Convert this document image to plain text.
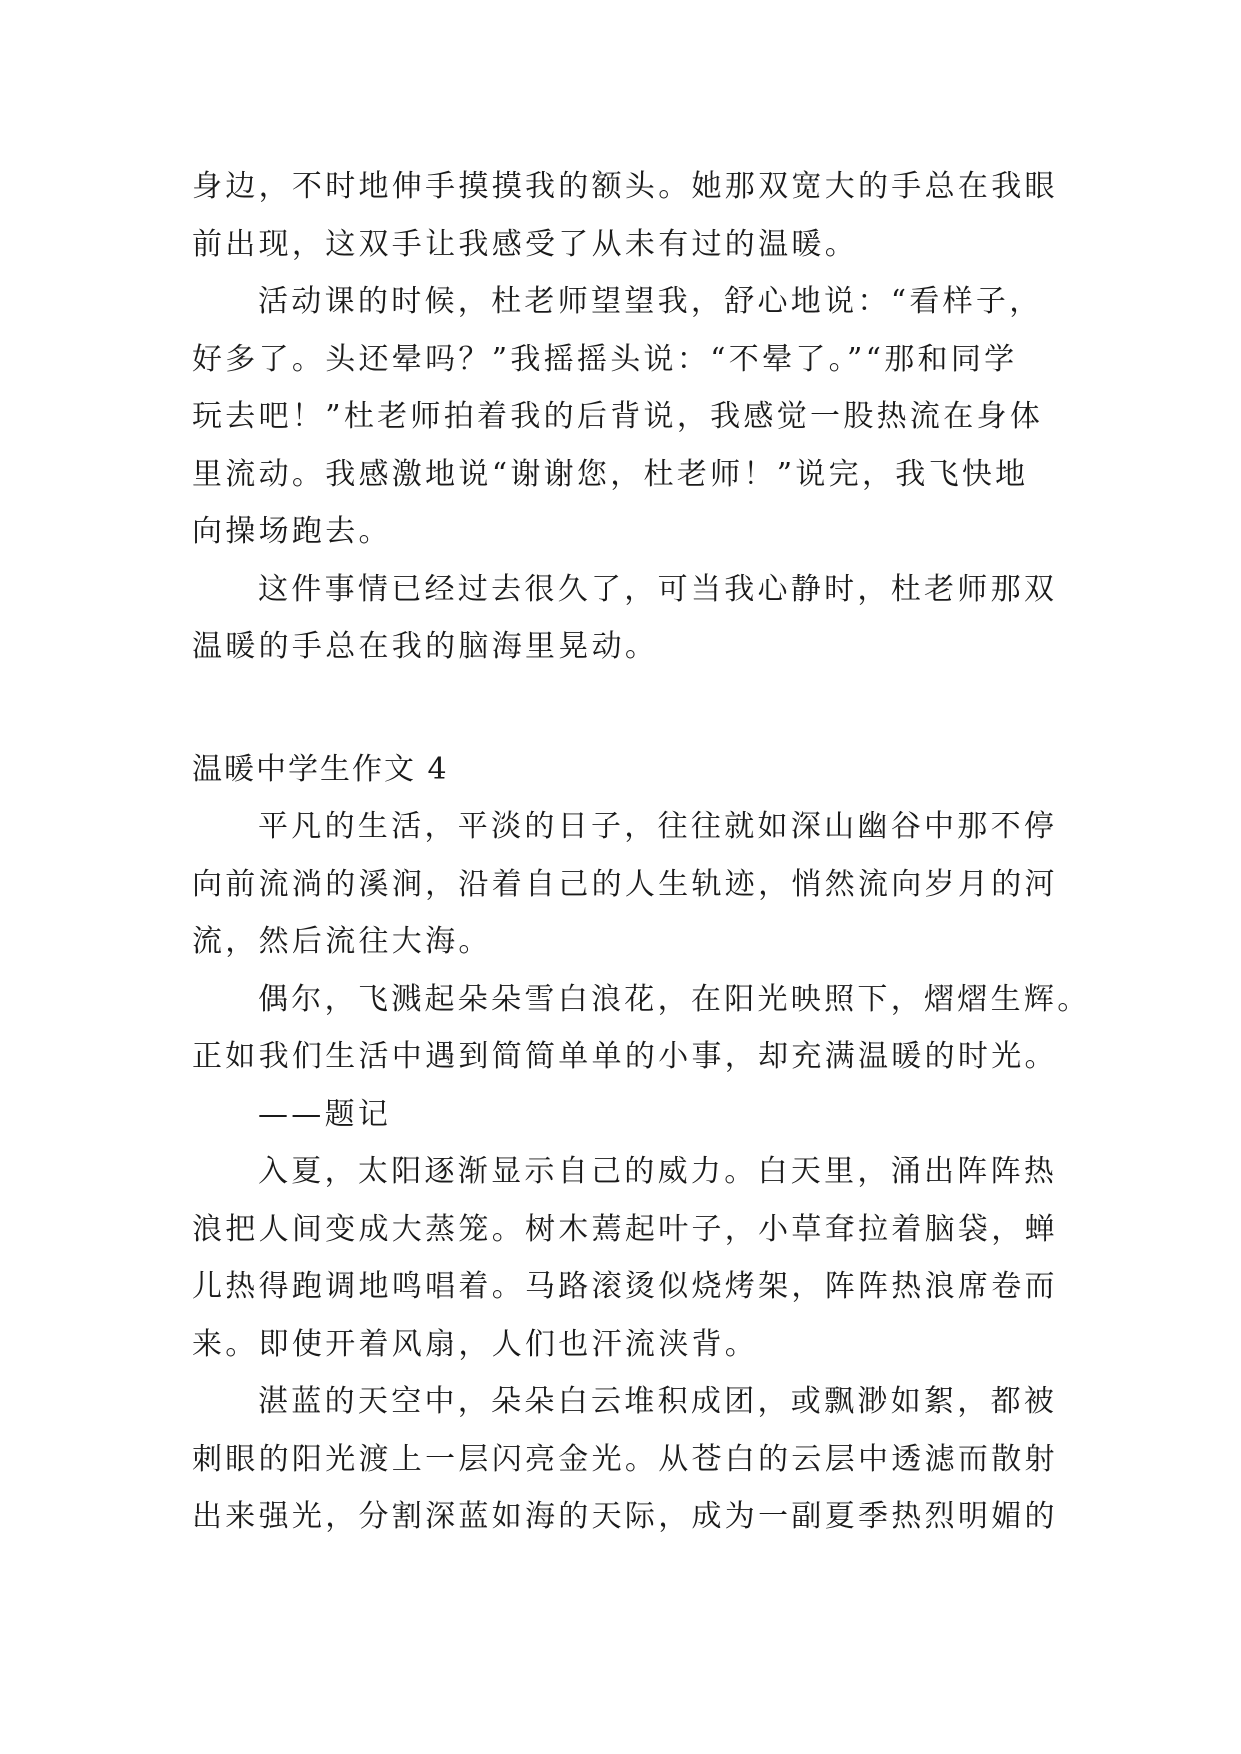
身边，不时地伸手摸摸我的额头。她那双宽大的手总在我眼
前出现，这双手让我感受了从未有过的温暖。
活动课的时候，杜老师望望我，舒心地说：“看样子，
好多了。头还晕吗？”我摇摇头说：“不晕了。”“那和同学
玩去吧！”杜老师拍着我的后背说，我感觉一股热流在身体
里流动。我感激地说“谢谢您，杜老师！”说完，我飞快地
向操场跑去。
这件事情已经过去很久了，可当我心静时，杜老师那双
温暖的手总在我的脑海里晃动。
温暖中学生作文 4
平凡的生活，平淡的日子，往往就如深山幽谷中那不停
向前流淌的溪涧，沿着自己的人生轨迹，悄然流向岁月的河
流，然后流往大海。
偶尔，飞溅起朵朵雪白浪花，在阳光映照下，熠熠生辉。
正如我们生活中遇到简简单单的小事，却充满温暖的时光。
——题记
入夏，太阳逐渐显示自己的威力。白天里，涌出阵阵热
浪把人间变成大蒸笼。树木蔫起叶子，小草耷拉着脑袋，蝉
儿热得跑调地鸣唱着。马路滚烫似烧烤架，阵阵热浪席卷而
来。即使开着风扇，人们也汗流浃背。
湛蓝的天空中，朵朵白云堆积成团，或飘渺如絮，都被
刺眼的阳光渡上一层闪亮金光。从苍白的云层中透滤而散射
出来强光，分割深蓝如海的天际，成为一副夏季热烈明媚的
